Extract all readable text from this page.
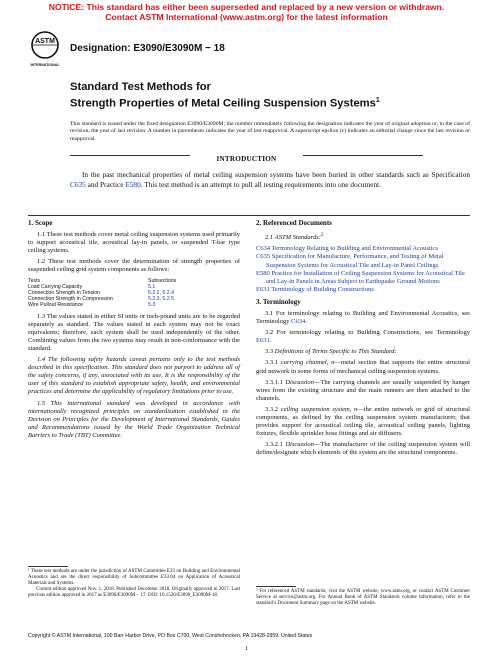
NOTICE: This standard has either been superseded and replaced by a new version or withdrawn.
Contact ASTM International (www.astm.org) for the latest information
ASTM
INTERNATIONAL
Designation: E3090/E3090M − 18
Standard Test Methods for
Strength Properties of Metal Ceiling Suspension Systems$^1$
This standard is issued under the fixed designation E3090/E3090M; the number immediately following the designation indicates the year of original adoption or, in the case of revision, the year of last revision. A number in parentheses indicates the year of last reapproval. A superscript epsilon (ε) indicates an editorial change since the last revision or reapproval.
INTRODUCTION
In the past mechanical properties of metal ceiling suspension systems have been buried in other standards such as Specification C635 and Practice E580. This test method is an attempt to pull all testing requirements into one document.
1. Scope
1.1 These test methods cover metal ceiling suspension systems used primarily to support acoustical tile, acoustical lay-in panels, or suspended T-bar type ceiling systems.
1.2 These test methods cover the determination of strength properties of suspended ceiling grid system components as follows:
Tests	Subsections
Load Carrying Capacity	5.1
Connection Strength in Tension	5.2.2, 5.2.4
Connection Strength in Compression	5.2.3, 5.2.5
Wire Pullout Resistance	5.3
1.3 The values stated in either SI units or inch-pound units are to be regarded separately as standard. The values stated in each system may not be exact equivalents; therefore, each system shall be used independently of the other. Combining values from the two systems may result in non-conformance with the standard.
1.4 The following safety hazards caveat pertains only to the test methods described in this specification. This standard does not purport to address all of the safety concerns, if any, associated with its use. It is the responsibility of the user of this standard to establish appropriate safety, health, and environmental practices and determine the applicability of regulatory limitations prior to use.
1.5 This international standard was developed in accordance with internationally recognized principles on standardization established in the Decision on Principles for the Development of International Standards, Guides and Recommendations issued by the World Trade Organization Technical Barriers to Trade (TBT) Committee.
2. Referenced Documents
2.1 ASTM Standards:$^2$
C634 Terminology Relating to Building and Environmental Acoustics
C635 Specification for Manufacture, Performance, and Testing of Metal Suspension Systems for Acoustical Tile and Lay-in Panel Ceilings
E580 Practice for Installation of Ceiling Suspension Systems for Acoustical Tile and Lay-in Panels in Areas Subject to Earthquake Ground Motions
E631 Terminology of Building Constructions
3. Terminology
3.1 For terminology relating to Building and Environmental Acoustics, see Terminology C634.
3.2 For terminology relating to Building Constructions, see Terminology E631.
3.3 Definitions of Terms Specific to This Standard:
3.3.1 carrying channel, n—metal section that supports the entire structural grid network in some forms of mechanical ceiling suspension systems.
3.3.1.1 Discussion—The carrying channels are usually suspended by hanger wires from the existing structure and the main runners are then attached to the channels.
3.3.2 ceiling suspension system, n—the entire network or grid of structural components, as defined by the ceiling suspension system manufacturer, that provides support for acoustical ceiling tile, acoustical ceiling panels, lighting fixtures, flexible sprinkler hose fittings and air diffusers.
3.3.2.1 Discussion—The manufacturer of the ceiling suspension system will define/designate which elements of the system are the structural components.
¹ These test methods are under the jurisdiction of ASTM Committee E33 on Building and Environmental Acoustics and are the direct responsibility of Subcommittee E33.04 on Application of Acoustical Materials and Systems.
Current edition approved Nov. 1, 2018. Published December 2018. Originally approved in 2017. Last previous edition approved in 2017 as E3090/E3090M − 17. DOI: 10.1520/E3090_E3090M-18.
² For referenced ASTM standards, visit the ASTM website, www.astm.org, or contact ASTM Customer Service at service@astm.org. For Annual Book of ASTM Standards volume information, refer to the standard’s Document Summary page on the ASTM website.
Copyright © ASTM International, 100 Barr Harbor Drive, PO Box C700, West Conshohocken, PA 19428-2959. United States
1
